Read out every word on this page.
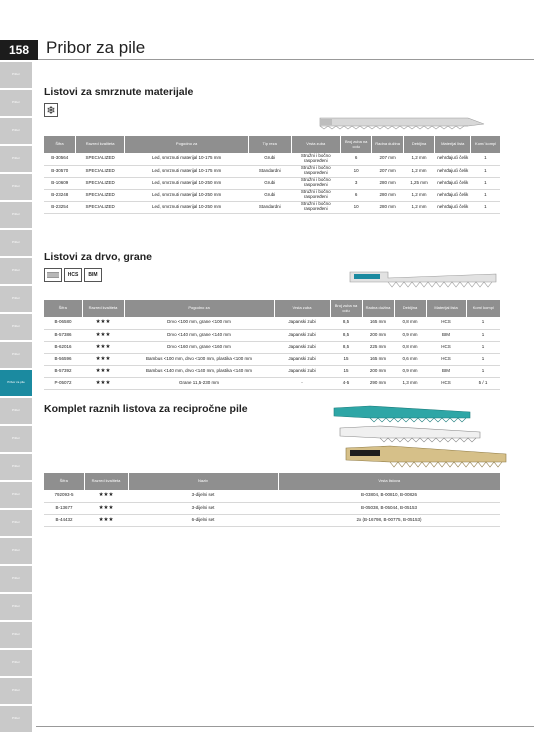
Pribor
Pribor
Pribor
Pribor
Pribor
Pribor
Pribor
Pribor
Pribor
Pribor
Pribor
Pribor za pile
Pribor
Pribor
Pribor
Pribor
Pribor
Pribor
Pribor
Pribor
Pribor
Pribor
Pribor
Pribor
158 Pribor za pile
Listovi za smrznute materijale
❄
Šifra	Razred kvaliteta	Pogodno za	Tip reza	Vrsta zuba	Broj zuba na colu	Radna dužina	Debljina	Materijal lista	Kom/ kompl
B-30564	SPECIALIZED	Led, smrznuti materijal 10-175 mm	Grubi	Stružni i bočno raspoređeni	6	207 mm	1,2 mm	nehrđajući čelik	1
B-30570	SPECIALIZED	Led, smrznuti materijal 10-175 mm	Standardni	Stružni i bočno raspoređeni	10	207 mm	1,2 mm	nehrđajući čelik	1
B-10609	SPECIALIZED	Led, smrznuti materijal 10-250 mm	Grubi	Stružni i bočno raspoređeni	3	280 mm	1,25 mm	nehrđajući čelik	1
B-23248	SPECIALIZED	Led, smrznuti materijal 10-250 mm	Grubi	Stružni i bočno raspoređeni	6	280 mm	1,2 mm	nehrđajući čelik	1
B-23254	SPECIALIZED	Led, smrznuti materijal 10-250 mm	Standardni	Stružni i bočno raspoređeni	10	280 mm	1,2 mm	nehrđajući čelik	1
Listovi za drvo, grane
HCS	BIM
Šifra	Razred kvaliteta	Pogodno za	Vrsta zuba	Broj zuba na colu	Radna dužina	Debljina	Materijal lista	Kom/ kompl
B-06580	★★★	Drvo <100 mm, grane <100 mm	Japanski zubi	8,5	165 mm	0,8 mm	HCS	1
B-57386	★★★	Drvo <140 mm, grane <140 mm	Japanski zubi	8,5	200 mm	0,9 mm	BIM	1
B-62016	★★★	Drvo <160 mm, grane <160 mm	Japanski zubi	8,5	225 mm	0,8 mm	HCS	1
B-56596	★★★	Bambus <100 mm, drvo <100 mm, plastika <100 mm	Japanski zubi	15	165 mm	0,6 mm	HCS	1
B-57392	★★★	Bambus <140 mm, drvo <140 mm, plastika <140 mm	Japanski zubi	15	200 mm	0,9 mm	BIM	1
P-05072	★★★	Grane 11,5-230 mm	-	4-5	290 mm	1,3 mm	HCS	5 / 1
Komplet raznih listova za recipročne pile
Šifra	Razred kvaliteta	Naziv	Vrsta listova
792093-5	★★★	3-dijelni set	B-03804, B-00810, B-00826
B-13677	★★★	3-dijelni set	B-05038, B-05044, B-05153
B-44432	★★★	6-dijelni set	2x (B-16798, B-00775, B-05153)
